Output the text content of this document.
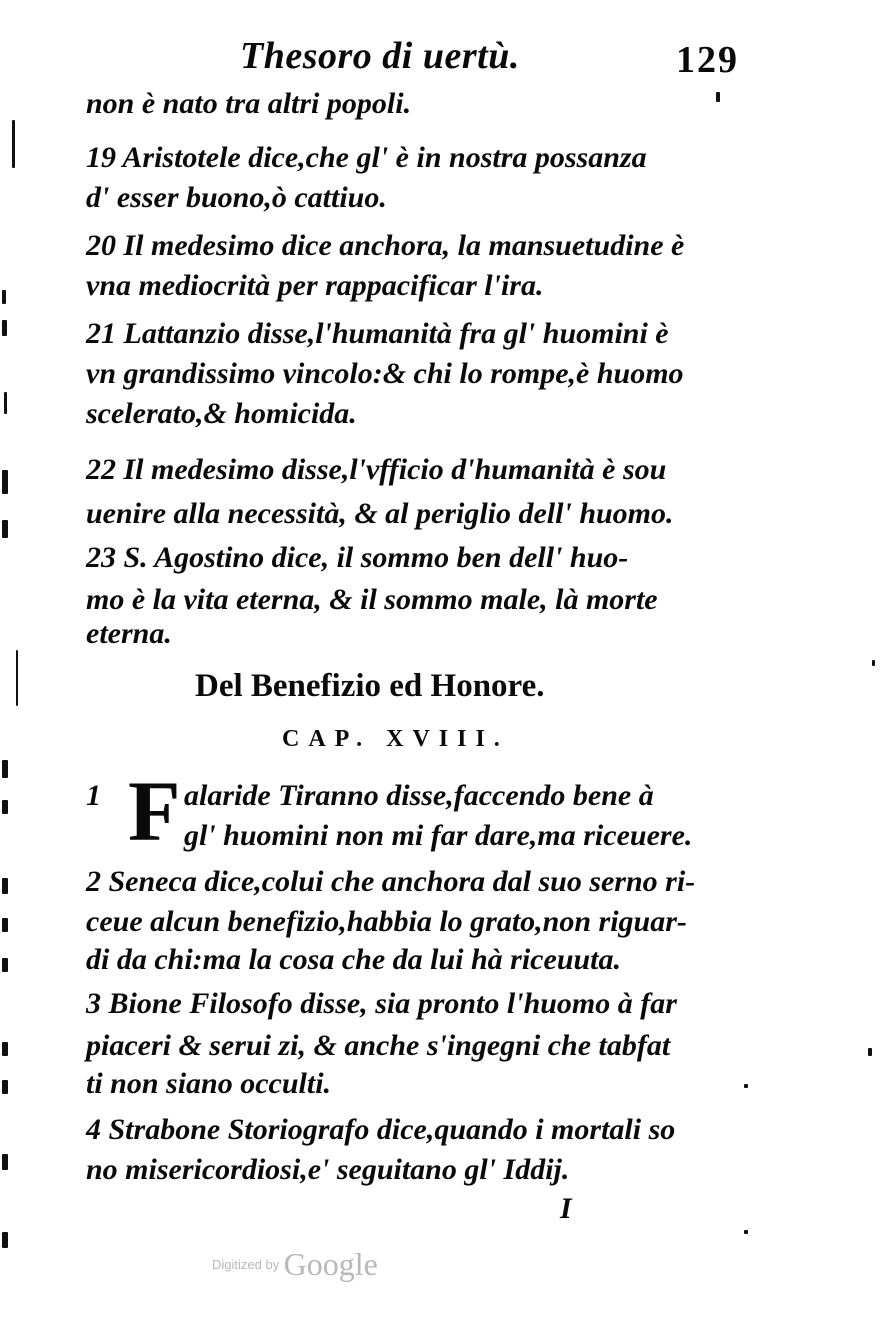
Thesoro di uertù.	129
non è nato tra altri popoli.
19 Aristotele dice,che gl' è in nostra possanza
d' esser buono,ò cattiuo.
20 Il medesimo dice anchora, la mansuetudine è
vna mediocrità per rappacificar l'ira.
21 Lattanzio disse,l'humanità fra gl' huomini è
vn grandissimo vincolo:& chi lo rompe,è huomo
scelerato,& homicida.
22 Il medesimo disse,l'vfficio d'humanità è sou
uenire alla necessità, & al periglio dell' huomo.
23 S. Agostino dice, il sommo ben dell' huo-
mo è la vita eterna, & il sommo male, là morte
eterna.
Del Benefizio ed Honore.
CAP. XVIII.
1 F alaride Tiranno disse,faccendo bene à
gl' huomini non mi far dare,ma riceuere.
2 Seneca dice,colui che anchora dal suo serno ri-
ceue alcun benefizio,habbia lo grato,non riguar-
di da chi:ma la cosa che da lui hà riceuuta.
3 Bione Filosofo disse, sia pronto l'huomo à far
piaceri & serui zi, & anche s'ingegni che tabfat
ti non siano occulti.
4 Strabone Storiografo dice,quando i mortali so
no misericordiosi,e' seguitano gl' Iddij.
I
Digitized by Google
